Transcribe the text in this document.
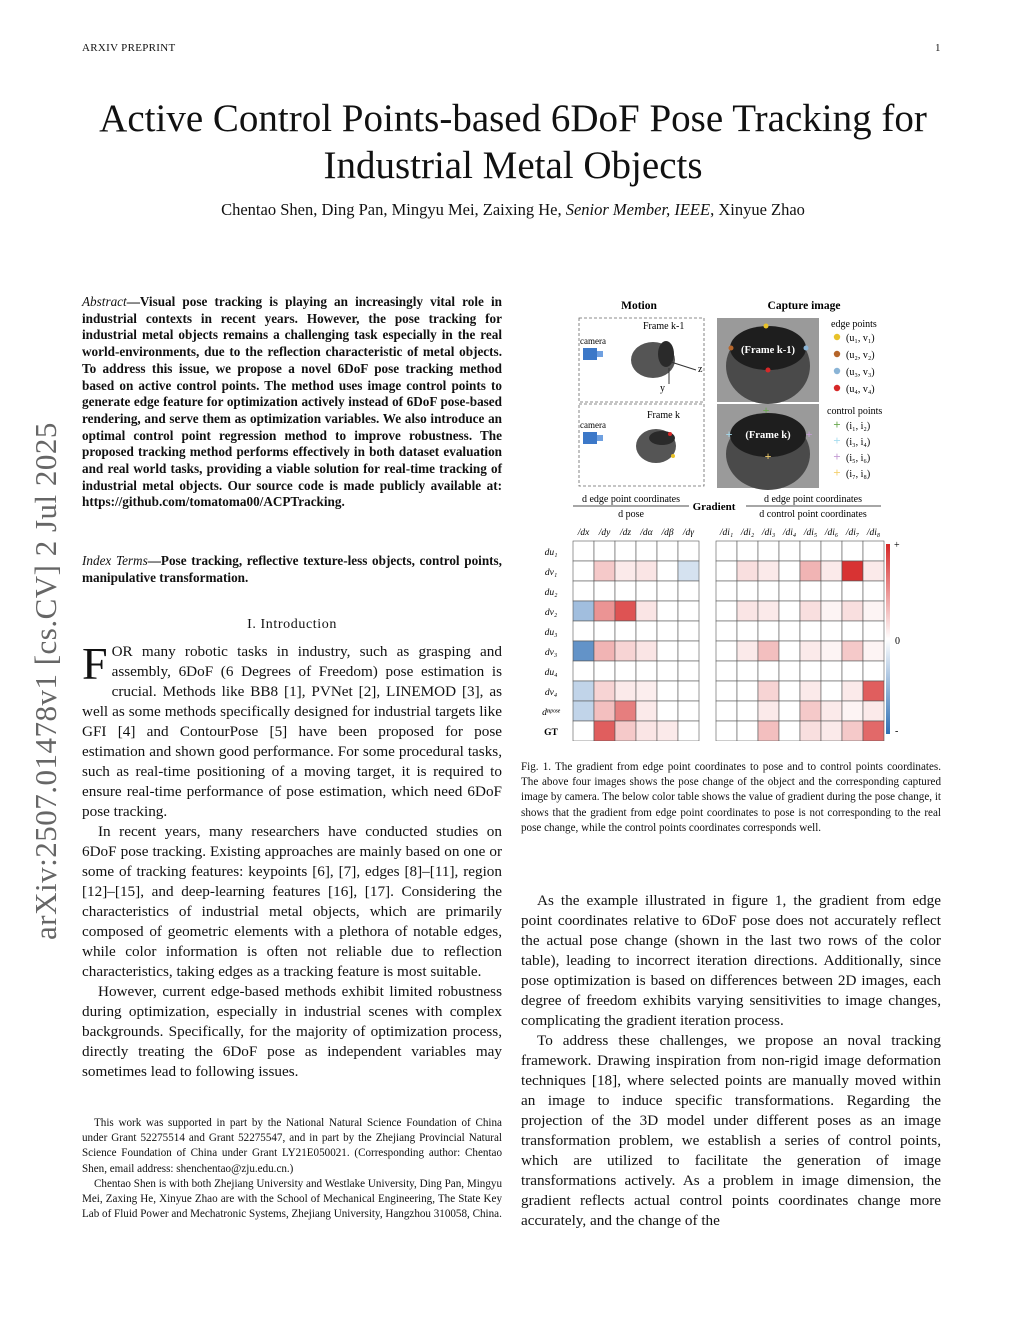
ARXIV PREPRINT	1
Active Control Points-based 6DoF Pose Tracking for Industrial Metal Objects
Chentao Shen, Ding Pan, Mingyu Mei, Zaixing He, Senior Member, IEEE, Xinyue Zhao
arXiv:2507.01478v1 [cs.CV] 2 Jul 2025
Abstract—Visual pose tracking is playing an increasingly vital role in industrial contexts in recent years. However, the pose tracking for industrial metal objects remains a challenging task especially in the real world-environments, due to the reflection characteristic of metal objects. To address this issue, we propose a novel 6DoF pose tracking method based on active control points. The method uses image control points to generate edge feature for optimization actively instead of 6DoF pose-based rendering, and serve them as optimization variables. We also introduce an optimal control point regression method to improve robustness. The proposed tracking method performs effectively in both dataset evaluation and real world tasks, providing a viable solution for real-time tracking of industrial metal objects. Our source code is made publicly available at: https://github.com/tomatoma00/ACPTracking.
Index Terms—Pose tracking, reflective texture-less objects, control points, manipulative transformation.
I. Introduction

FOR many robotic tasks in industry, such as grasping and assembly, 6DoF (6 Degrees of Freedom) pose estimation is crucial. Methods like BB8 [1], PVNet [2], LINEMOD [3], as well as some methods specifically designed for industrial targets like GFI [4] and ContourPose [5] have been proposed for pose estimation and shown good performance. For some procedural tasks, such as real-time positioning of a moving target, it is required to ensure real-time performance of pose estimation, which need 6DoF pose tracking.

In recent years, many researchers have conducted studies on 6DoF pose tracking. Existing approaches are mainly based on one or some of tracking features: keypoints [6], [7], edges [8]–[11], region [12]–[15], and deep-learning features [16], [17]. Considering the characteristics of industrial metal objects, which are primarily composed of geometric elements with a plethora of notable edges, while color information is often not reliable due to reflection characteristics, taking edges as a tracking feature is most suitable.

However, current edge-based methods exhibit limited robustness during optimization, especially in industrial scenes with complex backgrounds. Specifically, for the majority of optimization process, directly treating the 6DoF pose as independent variables may sometimes lead to following issues.

This work was supported in part by the National Natural Science Foundation of China under Grant 52275514 and Grant 52275547, and in part by the Zhejiang Provincial Natural Science Foundation of China under Grant LY21E050021. (Corresponding author: Chentao Shen, email address: shenchentao@zju.edu.cn.)

Chentao Shen is with both Zhejiang University and Westlake University, Ding Pan, Mingyu Mei, Zaxing He, Xinyue Zhao are with the School of Mechanical Engineering, The State Key Lab of Fluid Power and Mechatronic Systems, Zhejiang University, Hangzhou 310058, China.

Motion	Capture image
Frame k-1
camera
z
y
Frame k
camera
(Frame k-1)
(Frame k)
+
+	+
+
edge points
(u₁, v₁)
(u₂, v₂)
(u₃, v₃)
(u₄, v₄)
control points
+ (i₁, i₂)
+ (i₃, i₄)
+ (i₅, i₆)
+ (i₇, i₈)
d edge point coordinates
d pose
Gradient
d edge point coordinates
d control point coordinates
/dx /dy /dz /dα /dβ /dγ	/di₁ /di₂ /di₃ /di₄ /di₅ /di₆ /di₇ /di₈
du₁
dv₁
du₂
dv₂
du₃
dv₃
du₄
dv₄
dⁿᵖᵒˢᵉ
GT
+
0
-
Fig. 1. The gradient from edge point coordinates to pose and to control points coordinates. The above four images shows the pose change of the object and the corresponding captured image by camera. The below color table shows the value of gradient during the pose change, it shows that the gradient from edge point coordinates to pose is not corresponding to the real pose change, while the control points coordinates corresponds well.

As the example illustrated in figure 1, the gradient from edge point coordinates relative to 6DoF pose does not accurately reflect the actual pose change (shown in the last two rows of the color table), leading to incorrect iteration directions. Additionally, since pose optimization is based on differences between 2D images, each degree of freedom exhibits varying sensitivities to image changes, complicating the gradient iteration process.

To address these challenges, we propose an noval tracking framework. Drawing inspiration from non-rigid image deformation techniques [18], where selected points are manually moved within an image to induce specific transformations. Regarding the projection of the 3D model under different poses as an image transformation problem, we establish a series of control points, which are utilized to facilitate the generation of image transformations actively. As a problem in image dimension, the gradient reflects actual control points coordinates change more accurately, and the change of the
